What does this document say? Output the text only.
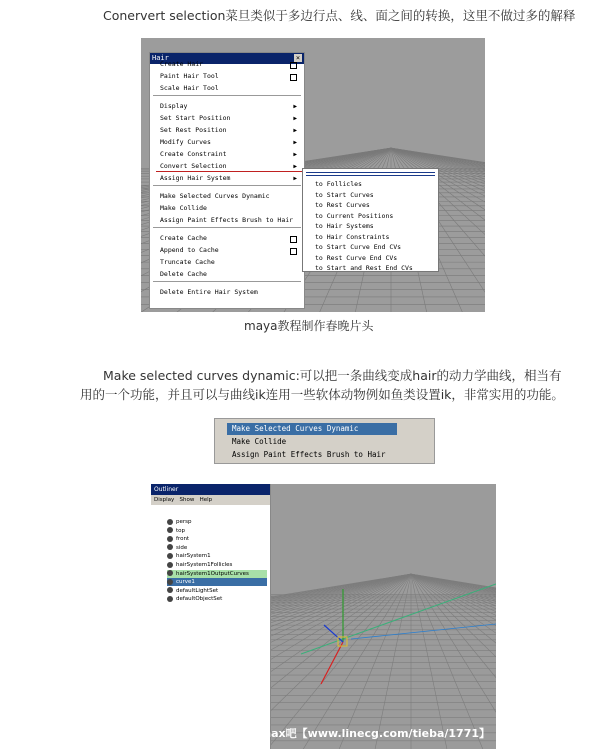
Conervert selection菜旦类似于多边行点、线、面之间的转换，这里不做过多的解释
Hair	×
Create Hair
Paint Hair Tool
Scale Hair Tool
Display	▶
Set Start Position	▶
Set Rest Position	▶
Modify Curves	▶
Create Constraint	▶
Convert Selection	▶
Assign Hair System	▶
Make Selected Curves Dynamic
Make Collide
Assign Paint Effects Brush to Hair
Create Cache
Append to Cache
Truncate Cache
Delete Cache
Delete Entire Hair System
to Follicles
to Start Curves
to Rest Curves
to Current Positions
to Hair Systems
to Hair Constraints
to Start Curve End CVs
to Rest Curve End CVs
to Start and Rest End CVs
maya教程制作春晚片头
Make selected curves dynamic:可以把一条曲线变成hair的动力学曲线，相当有
用的一个功能，并且可以与曲线ik连用一些软体动物例如鱼类设置ik，非常实用的功能。
Make Selected Curves Dynamic
Make Collide
Assign Paint Effects Brush to Hair
Outliner
Display Show Help
persp
top
front
side
hairSystem1
hairSystem1Follicles
hairSystem1OutputCurves
curve1
defaultLightSet
defaultObjectSet
3Dmax吧【www.linecg.com/tieba/1771】
